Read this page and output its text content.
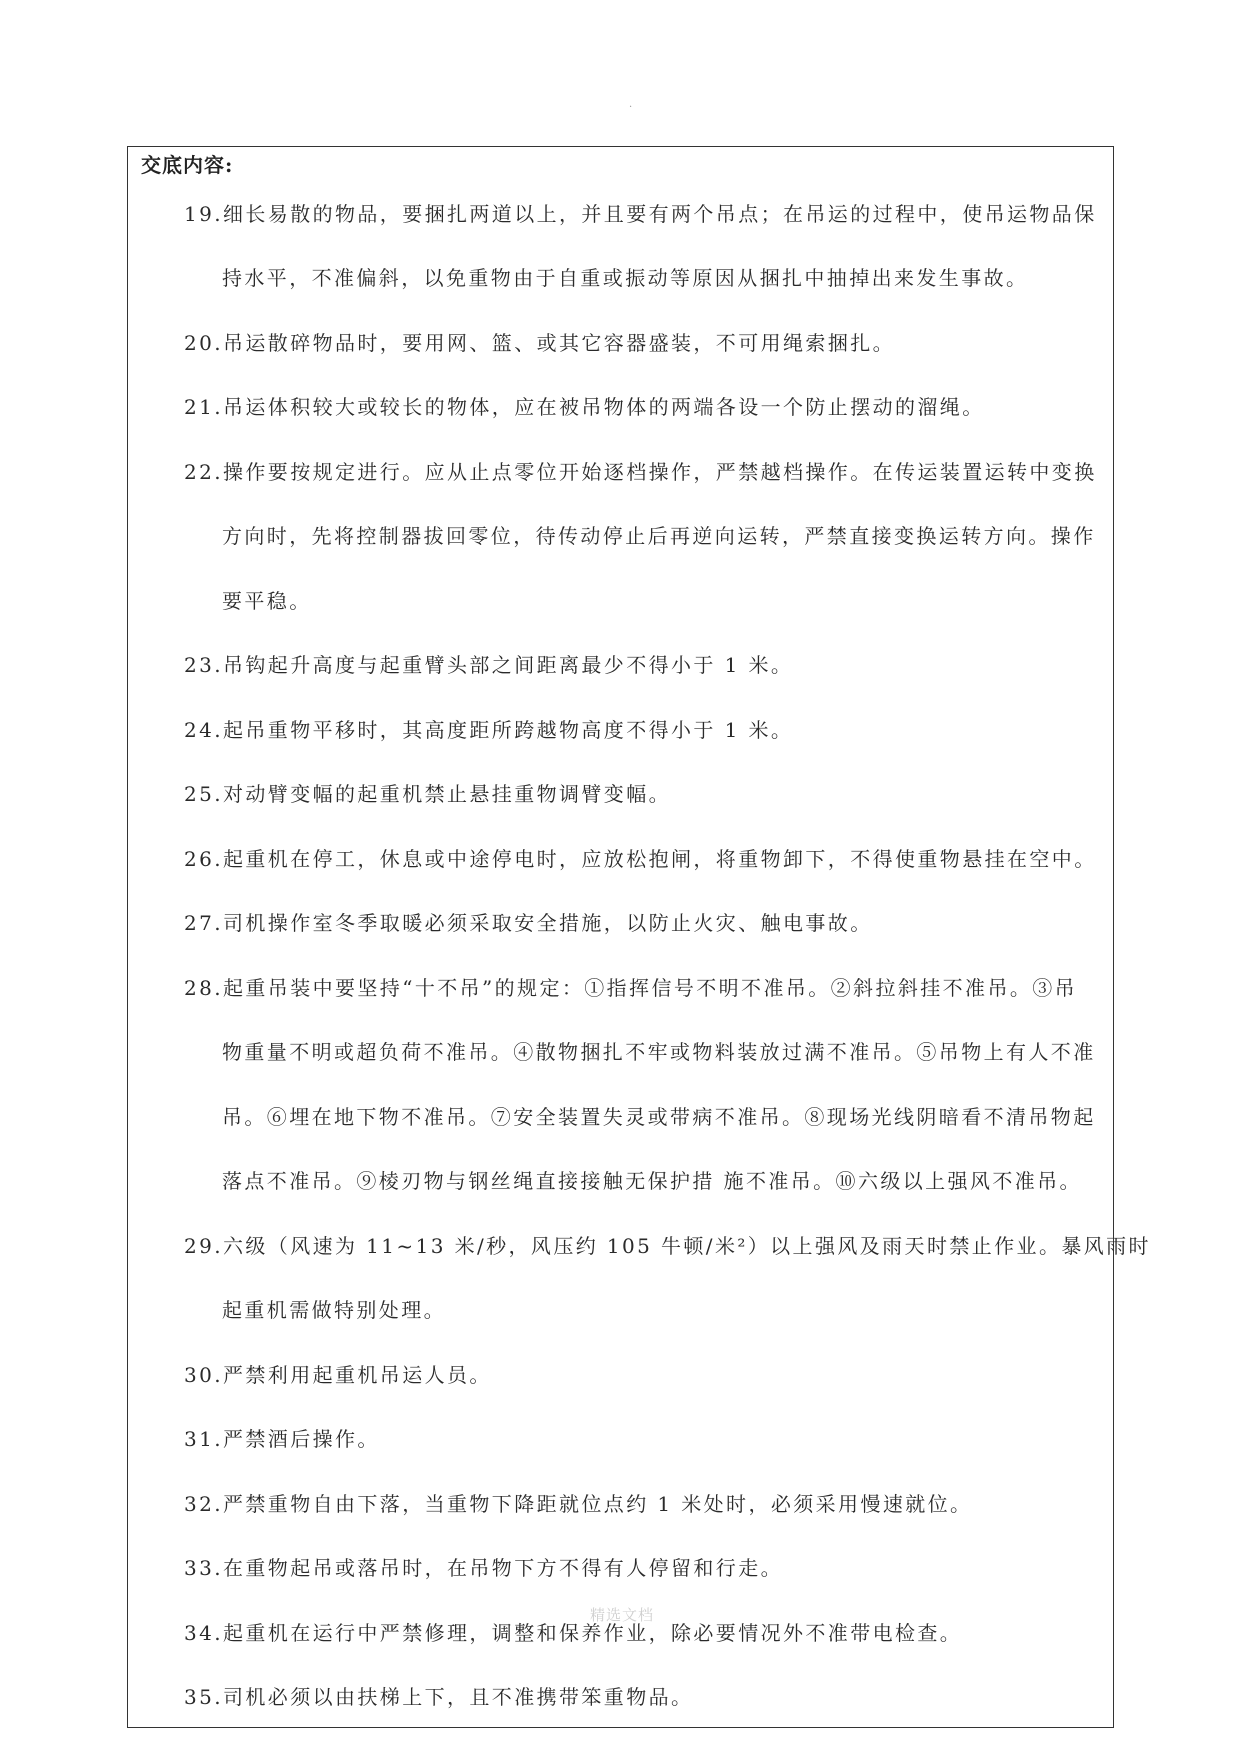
.
交底内容:
19.细长易散的物品，要捆扎两道以上，并且要有两个吊点；在吊运的过程中，使吊运物品保
持水平，不准偏斜，以免重物由于自重或振动等原因从捆扎中抽掉出来发生事故。
20.吊运散碎物品时，要用网、篮、或其它容器盛装，不可用绳索捆扎。
21.吊运体积较大或较长的物体，应在被吊物体的两端各设一个防止摆动的溜绳。
22.操作要按规定进行。应从止点零位开始逐档操作，严禁越档操作。在传运装置运转中变换
方向时，先将控制器拔回零位，待传动停止后再逆向运转，严禁直接变换运转方向。操作
要平稳。
23.吊钩起升高度与起重臂头部之间距离最少不得小于 1 米。
24.起吊重物平移时，其高度距所跨越物高度不得小于 1 米。
25.对动臂变幅的起重机禁止悬挂重物调臂变幅。
26.起重机在停工，休息或中途停电时，应放松抱闸，将重物卸下，不得使重物悬挂在空中。
27.司机操作室冬季取暖必须采取安全措施，以防止火灾、触电事故。
28.起重吊装中要坚持“十不吊”的规定：①指挥信号不明不准吊。②斜拉斜挂不准吊。③吊
物重量不明或超负荷不准吊。④散物捆扎不牢或物料装放过满不准吊。⑤吊物上有人不准
吊。⑥埋在地下物不准吊。⑦安全装置失灵或带病不准吊。⑧现场光线阴暗看不清吊物起
落点不准吊。⑨棱刃物与钢丝绳直接接触无保护措 施不准吊。⑩六级以上强风不准吊。
29.六级（风速为 11~13 米/秒，风压约 105 牛顿/米²）以上强风及雨天时禁止作业。暴风雨时
起重机需做特别处理。
30.严禁利用起重机吊运人员。
31.严禁酒后操作。
32.严禁重物自由下落，当重物下降距就位点约 1 米处时，必须采用慢速就位。
33.在重物起吊或落吊时，在吊物下方不得有人停留和行走。
34.起重机在运行中严禁修理，调整和保养作业，除必要情况外不准带电检查。
35.司机必须以由扶梯上下，且不准携带笨重物品。
精选文档
